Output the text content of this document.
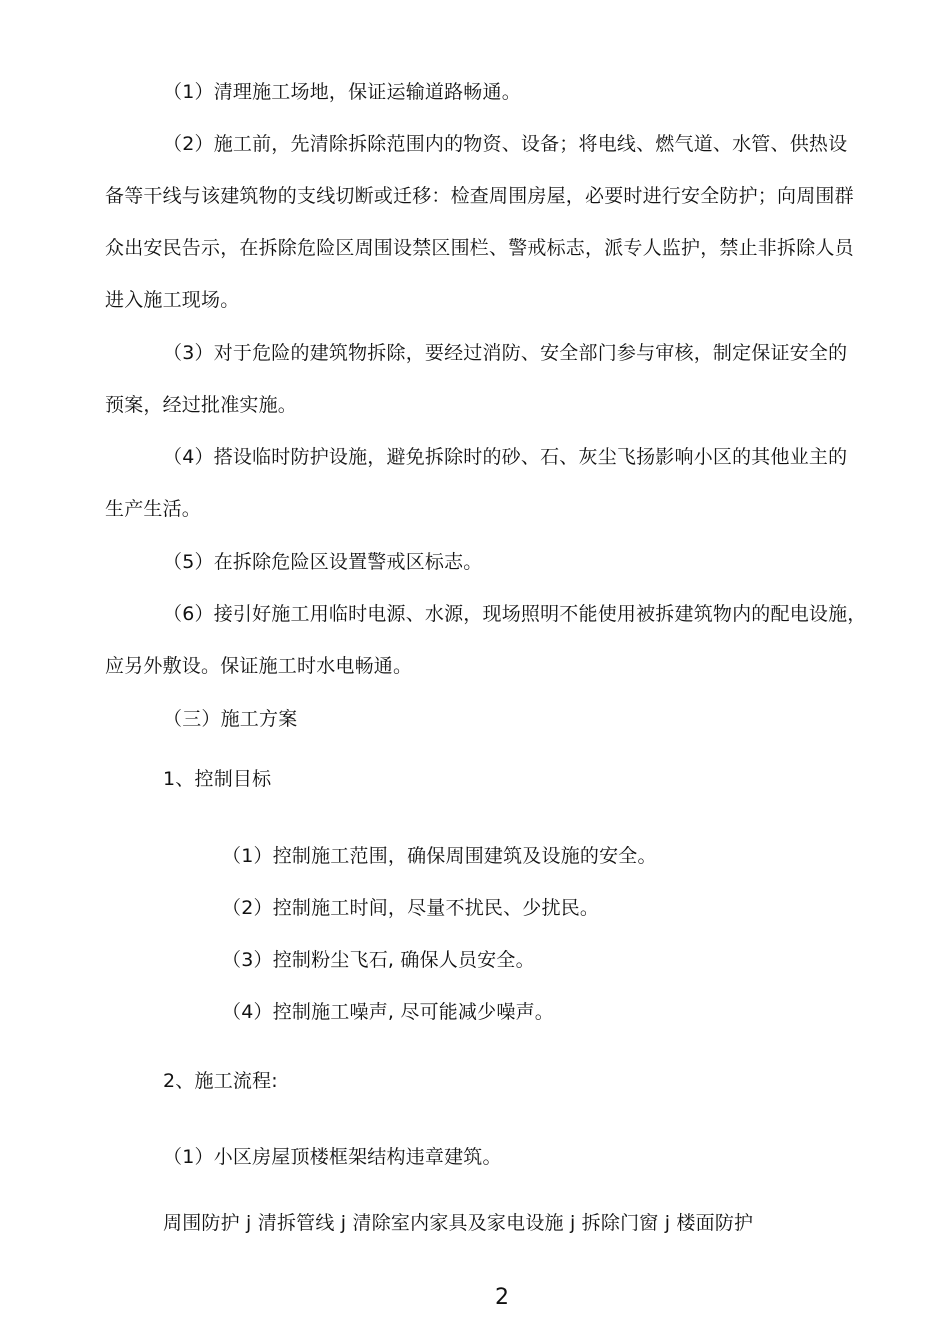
（1）清理施工场地，保证运输道路畅通。
（2）施工前，先清除拆除范围内的物资、设备；将电线、燃气道、水管、供热设
备等干线与该建筑物的支线切断或迁移：检查周围房屋，必要时进行安全防护；向周围群
众出安民告示，在拆除危险区周围设禁区围栏、警戒标志，派专人监护，禁止非拆除人员
进入施工现场。
（3）对于危险的建筑物拆除，要经过消防、安全部门参与审核，制定保证安全的
预案，经过批准实施。
（4）搭设临时防护设施，避免拆除时的砂、石、灰尘飞扬影响小区的其他业主的
生产生活。
（5）在拆除危险区设置警戒区标志。
（6）接引好施工用临时电源、水源，现场照明不能使用被拆建筑物内的配电设施，
应另外敷设。保证施工时水电畅通。
（三）施工方案
1、控制目标
（1）控制施工范围，确保周围建筑及设施的安全。
（2）控制施工时间，尽量不扰民、少扰民。
（3）控制粉尘飞石, 确保人员安全。
（4）控制施工噪声, 尽可能减少噪声。
2、施工流程:
（1）小区房屋顶楼框架结构违章建筑。
周围防护 j 清拆管线 j 清除室内家具及家电设施 j 拆除门窗 j 楼面防护
2
